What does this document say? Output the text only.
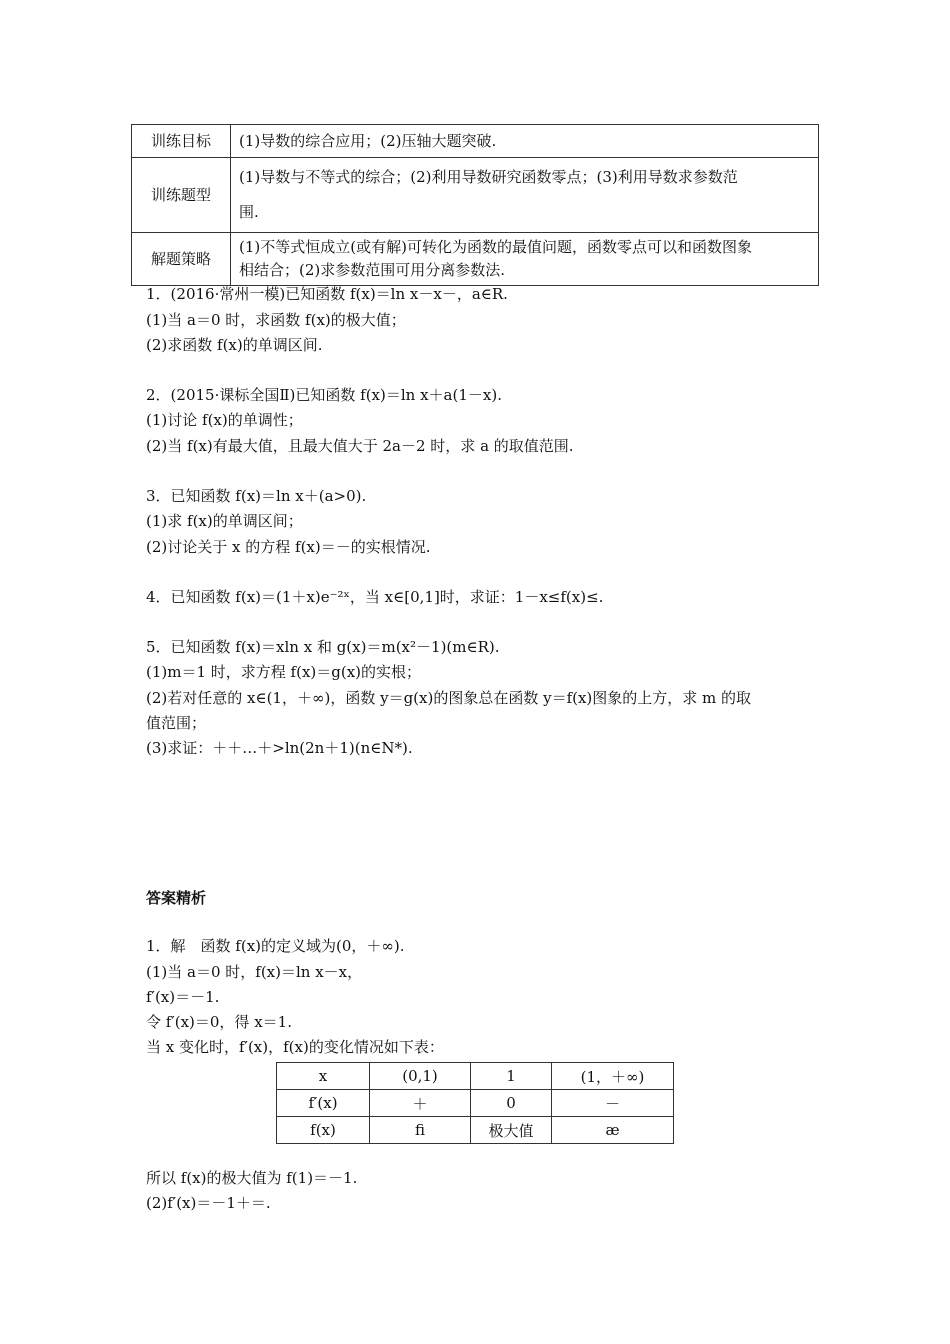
训练目标	(1)导数的综合应用；(2)压轴大题突破.
训练题型	(1)导数与不等式的综合；(2)利用导数研究函数零点；(3)利用导数求参数范
围.

解题策略	(1)不等式恒成立(或有解)可转化为函数的最值问题，函数零点可以和函数图象
相结合；(2)求参数范围可用分离参数法.
1．(2016·常州一模)已知函数 f(x)＝ln x－x－，a∈R.
(1)当 a＝0 时，求函数 f(x)的极大值；
(2)求函数 f(x)的单调区间.
2．(2015·课标全国Ⅱ)已知函数 f(x)＝ln x＋a(1－x).
(1)讨论 f(x)的单调性；
(2)当 f(x)有最大值，且最大值大于 2a－2 时，求 a 的取值范围.
3．已知函数 f(x)＝ln x＋(a>0).
(1)求 f(x)的单调区间；
(2)讨论关于 x 的方程 f(x)＝－的实根情况.
4．已知函数 f(x)＝(1＋x)e⁻²ˣ，当 x∈[0,1]时，求证：1－x≤f(x)≤.
5．已知函数 f(x)＝xln x 和 g(x)＝m(x²－1)(m∈R).
(1)m＝1 时，求方程 f(x)＝g(x)的实根；
(2)若对任意的 x∈(1，＋∞)，函数 y＝g(x)的图象总在函数 y＝f(x)图象的上方，求 m 的取
值范围；
(3)求证：＋＋…＋>ln(2n＋1)(n∈N*).
答案精析
1．解　函数 f(x)的定义域为(0，＋∞).
(1)当 a＝0 时，f(x)＝ln x－x，
f′(x)＝－1.
令 f′(x)＝0，得 x＝1.
当 x 变化时，f′(x)，f(x)的变化情况如下表：
x	(0,1)	1	(1，＋∞)
f′(x)	＋	0	－
f(x)	ﬁ	极大值	æ
所以 f(x)的极大值为 f(1)＝－1.
(2)f′(x)＝－1＋＝.
